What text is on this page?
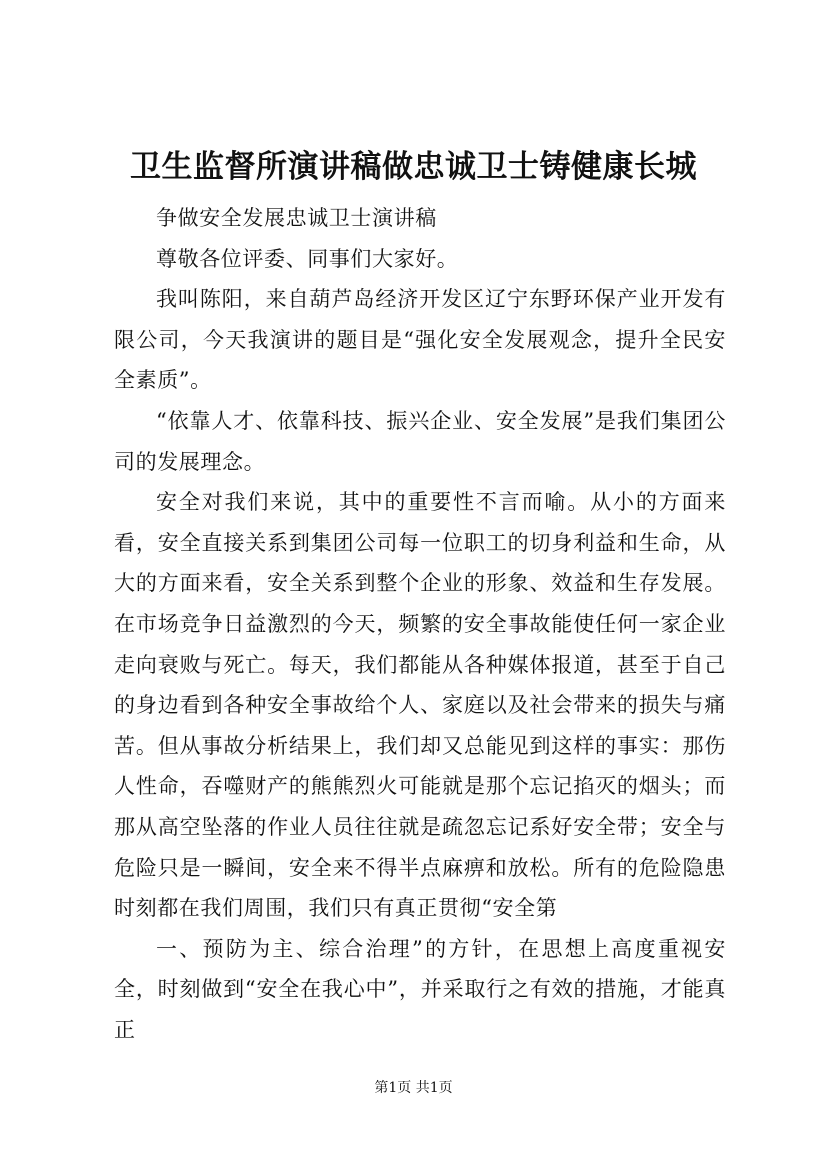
卫生监督所演讲稿做忠诚卫士铸健康长城

争做安全发展忠诚卫士演讲稿

尊敬各位评委、同事们大家好。

我叫陈阳，来自葫芦岛经济开发区辽宁东野环保产业开发有限公司，今天我演讲的题目是“强化安全发展观念，提升全民安全素质”。

“依靠人才、依靠科技、振兴企业、安全发展”是我们集团公司的发展理念。

安全对我们来说，其中的重要性不言而喻。从小的方面来看，安全直接关系到集团公司每一位职工的切身利益和生命，从大的方面来看，安全关系到整个企业的形象、效益和生存发展。在市场竞争日益激烈的今天，频繁的安全事故能使任何一家企业走向衰败与死亡。每天，我们都能从各种媒体报道，甚至于自己的身边看到各种安全事故给个人、家庭以及社会带来的损失与痛苦。但从事故分析结果上，我们却又总能见到这样的事实：那伤人性命，吞噬财产的熊熊烈火可能就是那个忘记掐灭的烟头；而那从高空坠落的作业人员往往就是疏忽忘记系好安全带；安全与危险只是一瞬间，安全来不得半点麻痹和放松。所有的危险隐患时刻都在我们周围，我们只有真正贯彻“安全第

一、预防为主、综合治理”的方针，在思想上高度重视安全，时刻做到“安全在我心中”，并采取行之有效的措施，才能真正

第1页 共1页
